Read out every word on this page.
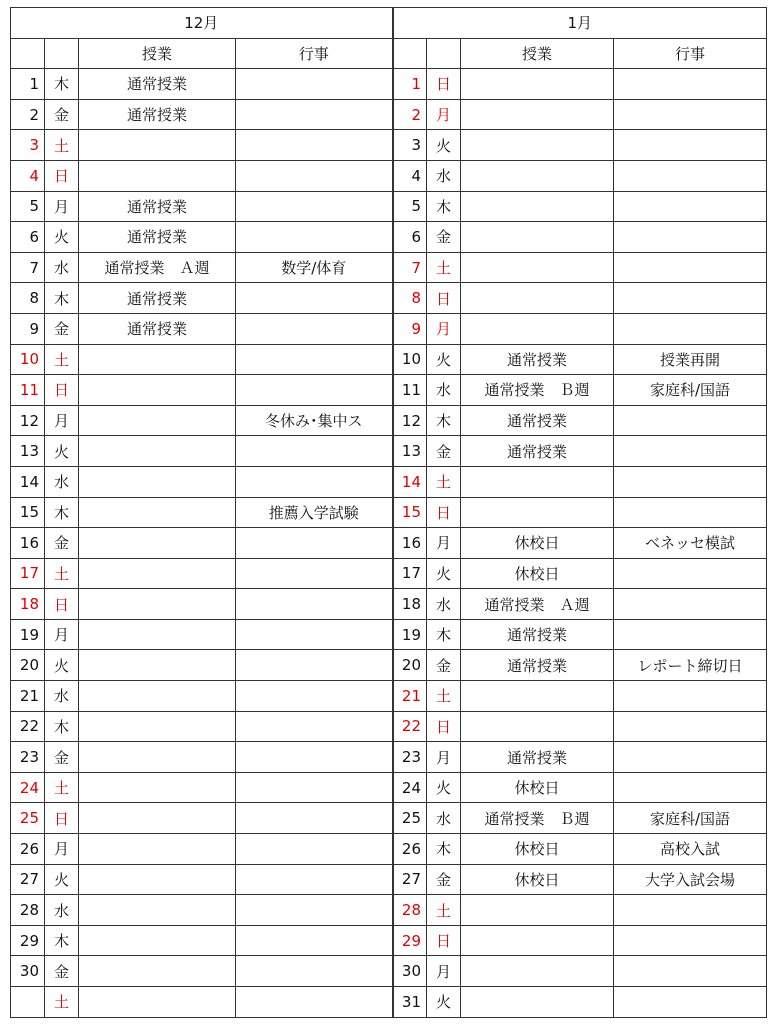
12月				1月			
		授業	行事			授業	行事
1	木	通常授業		1	日		
2	金	通常授業		2	月		
3	土			3	火		
4	日			4	水		
5	月	通常授業		5	木		
6	火	通常授業		6	金		
7	水	通常授業　Ａ週	数学/体育	7	土		
8	木	通常授業		8	日		
9	金	通常授業		9	月		
10	土			10	火	通常授業	授業再開
11	日			11	水	通常授業　Ｂ週	家庭科/国語
12	月		冬休み･集中ス	12	木	通常授業	
13	火			13	金	通常授業	
14	水			14	土		
15	木		推薦入学試験	15	日		
16	金			16	月	休校日	ベネッセ模試
17	土			17	火	休校日	
18	日			18	水	通常授業　Ａ週	
19	月			19	木	通常授業	
20	火			20	金	通常授業	レポート締切日
21	水			21	土		
22	木			22	日		
23	金			23	月	通常授業	
24	土			24	火	休校日	
25	日			25	水	通常授業　Ｂ週	家庭科/国語
26	月			26	木	休校日	高校入試
27	火			27	金	休校日	大学入試会場
28	水			28	土		
29	木			29	日		
30	金			30	月		
	土			31	火		
